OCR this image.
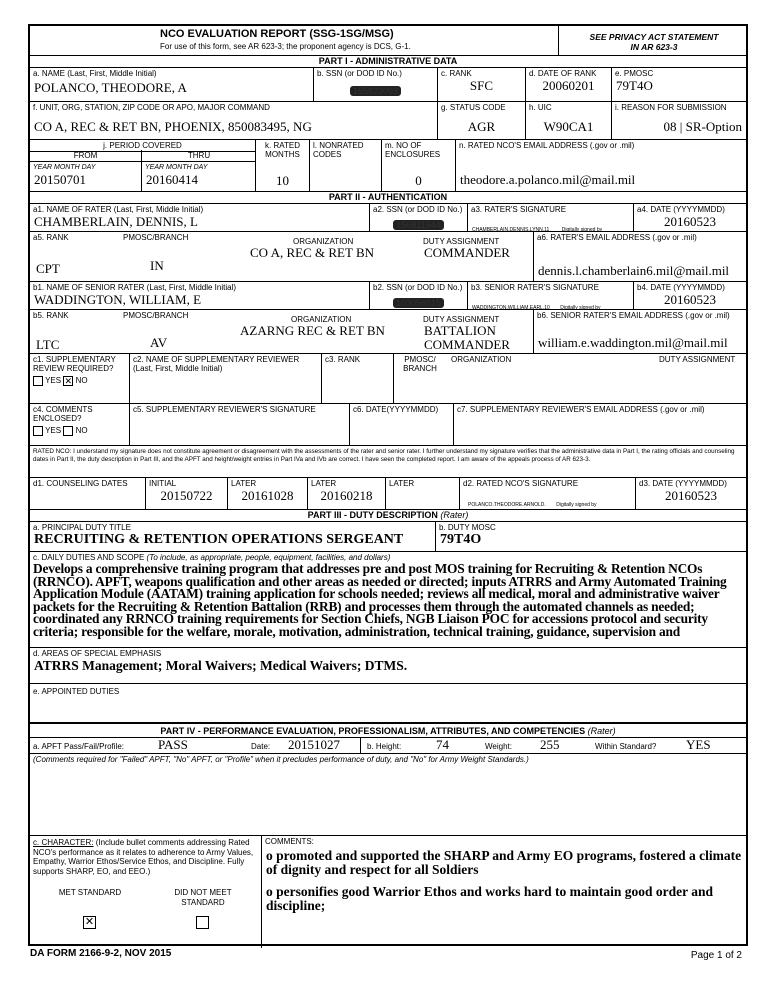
NCO EVALUATION REPORT (SSG-1SG/MSG)
For use of this form, see AR 623-3; the proponent agency is DCS, G-1.
SEE PRIVACY ACT STATEMENT
IN AR 623-3
PART I - ADMINISTRATIVE DATA
a. NAME (Last, First, Middle Initial)
POLANCO, THEODORE, A
b. SSN (or DOD ID No.)
155823093
c. RANK
SFC
d. DATE OF RANK
20060201
e. PMOSC
79T4O
f. UNIT, ORG, STATION, ZIP CODE OR APO, MAJOR COMMAND
CO A, REC & RET BN, PHOENIX, 850083495, NG
g. STATUS CODE
AGR
h. UIC
W90CA1
i. REASON FOR SUBMISSION
08 | SR-Option
j. PERIOD COVERED
FROM
YEAR MONTH DAY
20150701
THRU
YEAR MONTH DAY
20160414
k. RATED MONTHS
10
l. NONRATED CODES
m. NO OF ENCLOSURES
0
n. RATED NCO'S EMAIL ADDRESS (.gov or .mil)
theodore.a.polanco.mil@mail.mil
PART II - AUTHENTICATION
a1. NAME OF RATER (Last, First, Middle Initial)
CHAMBERLAIN, DENNIS, L
a2. SSN (or DOD ID No.)
156811544
a3. RATER'S SIGNATURE
CHAMBERLAIN.DENNIS.LYNN.11 Digitally signed by
a4. DATE (YYYYMMDD)
20160523
a5. RANK	PMOSC/BRANCH	ORGANIZATION	DUTY ASSIGNMENT
CPT	IN
CO A, REC & RET BN	COMMANDER
a6. RATER'S EMAIL ADDRESS (.gov or .mil)
dennis.l.chamberlain6.mil@mail.mil
b1. NAME OF SENIOR RATER (Last, First, Middle Initial)
WADDINGTON, WILLIAM, E
b2. SSN (or DOD ID No.)
103056515
b3. SENIOR RATER'S SIGNATURE
WADDINGTON.WILLIAM.EARL.10 Digitally signed by
b4. DATE (YYYYMMDD)
20160523
b5. RANK	PMOSC/BRANCH	ORGANIZATION	DUTY ASSIGNMENT
LTC	AV
AZARNG REC & RET BN	BATTALION
COMMANDER
b6. SENIOR RATER'S EMAIL ADDRESS (.gov or .mil)
william.e.waddington.mil@mail.mil
c1. SUPPLEMENTARY REVIEW REQUIRED?
YES ✕ NO
c2. NAME OF SUPPLEMENTARY REVIEWER (Last, First, Middle Initial)
c3. RANK	PMOSC/ BRANCH
ORGANIZATION	DUTY ASSIGNMENT
c4. COMMENTS ENCLOSED?
YES NO
c5. SUPPLEMENTARY REVIEWER'S SIGNATURE	c6. DATE(YYYYMMDD)	c7. SUPPLEMENTARY REVIEWER'S EMAIL ADDRESS (.gov or .mil)
RATED NCO: I understand my signature does not constitute agreement or disagreement with the assessments of the rater and senior rater. I further understand my signature verifies that the administrative data in Part I, the rating officials and counseling dates in Part II, the duty description in Part III, and the APFT and height/weight entries in Part IVa and IVb are correct. I have seen the completed report. I am aware of the appeals process of AR 623-3.
d1. COUNSELING DATES	INITIAL
20150722
LATER
20161028
LATER
20160218
LATER	d2. RATED NCO'S SIGNATURE
POLANCO.THEODORE.ARNOLD. Digitally signed by
d3. DATE (YYYYMMDD)
20160523
PART III - DUTY DESCRIPTION (Rater)
a. PRINCIPAL DUTY TITLE
RECRUITING & RETENTION OPERATIONS SERGEANT
b. DUTY MOSC
79T4O
c. DAILY DUTIES AND SCOPE (To include, as appropriate, people, equipment, facilities, and dollars)
Develops a comprehensive training program that addresses pre and post MOS training for Recruiting & Retention NCOs (RRNCO). APFT, weapons qualification and other areas as needed or directed; inputs ATRRS and Army Automated Training Application Module (AATAM) training application for schools needed; reviews all medical, moral and administrative waiver packets for the Recruiting & Retention Battalion (RRB) and processes them through the automated channels as needed; coordinated any RRNCO training requirements for Section Chiefs, NGB Liaison POC for accessions protocol and security criteria; responsible for the welfare, morale, motivation, administration, technical training, guidance, supervision and
d. AREAS OF SPECIAL EMPHASIS
ATRRS Management; Moral Waivers; Medical Waivers; DTMS.
e. APPOINTED DUTIES
PART IV - PERFORMANCE EVALUATION, PROFESSIONALISM, ATTRIBUTES, AND COMPETENCIES (Rater)
a. APFT Pass/Fail/Profile:	PASS	Date:	20151027	b. Height:	74	Weight:	255	Within Standard?	YES
(Comments required for "Failed" APFT, "No" APFT, or "Profile" when it precludes performance of duty, and "No" for Army Weight Standards.)
c. CHARACTER: (Include bullet comments addressing Rated NCO's performance as it relates to adherence to Army Values, Empathy, Warrior Ethos/Service Ethos, and Discipline. Fully supports SHARP, EO, and EEO.)
MET STANDARD	DID NOT MEET STANDARD
✕
COMMENTS:
o promoted and supported the SHARP and Army EO programs, fostered a climate of dignity and respect for all Soldiers
o personifies good Warrior Ethos and works hard to maintain good order and discipline;
DA FORM 2166-9-2, NOV 2015	Page 1 of 2
